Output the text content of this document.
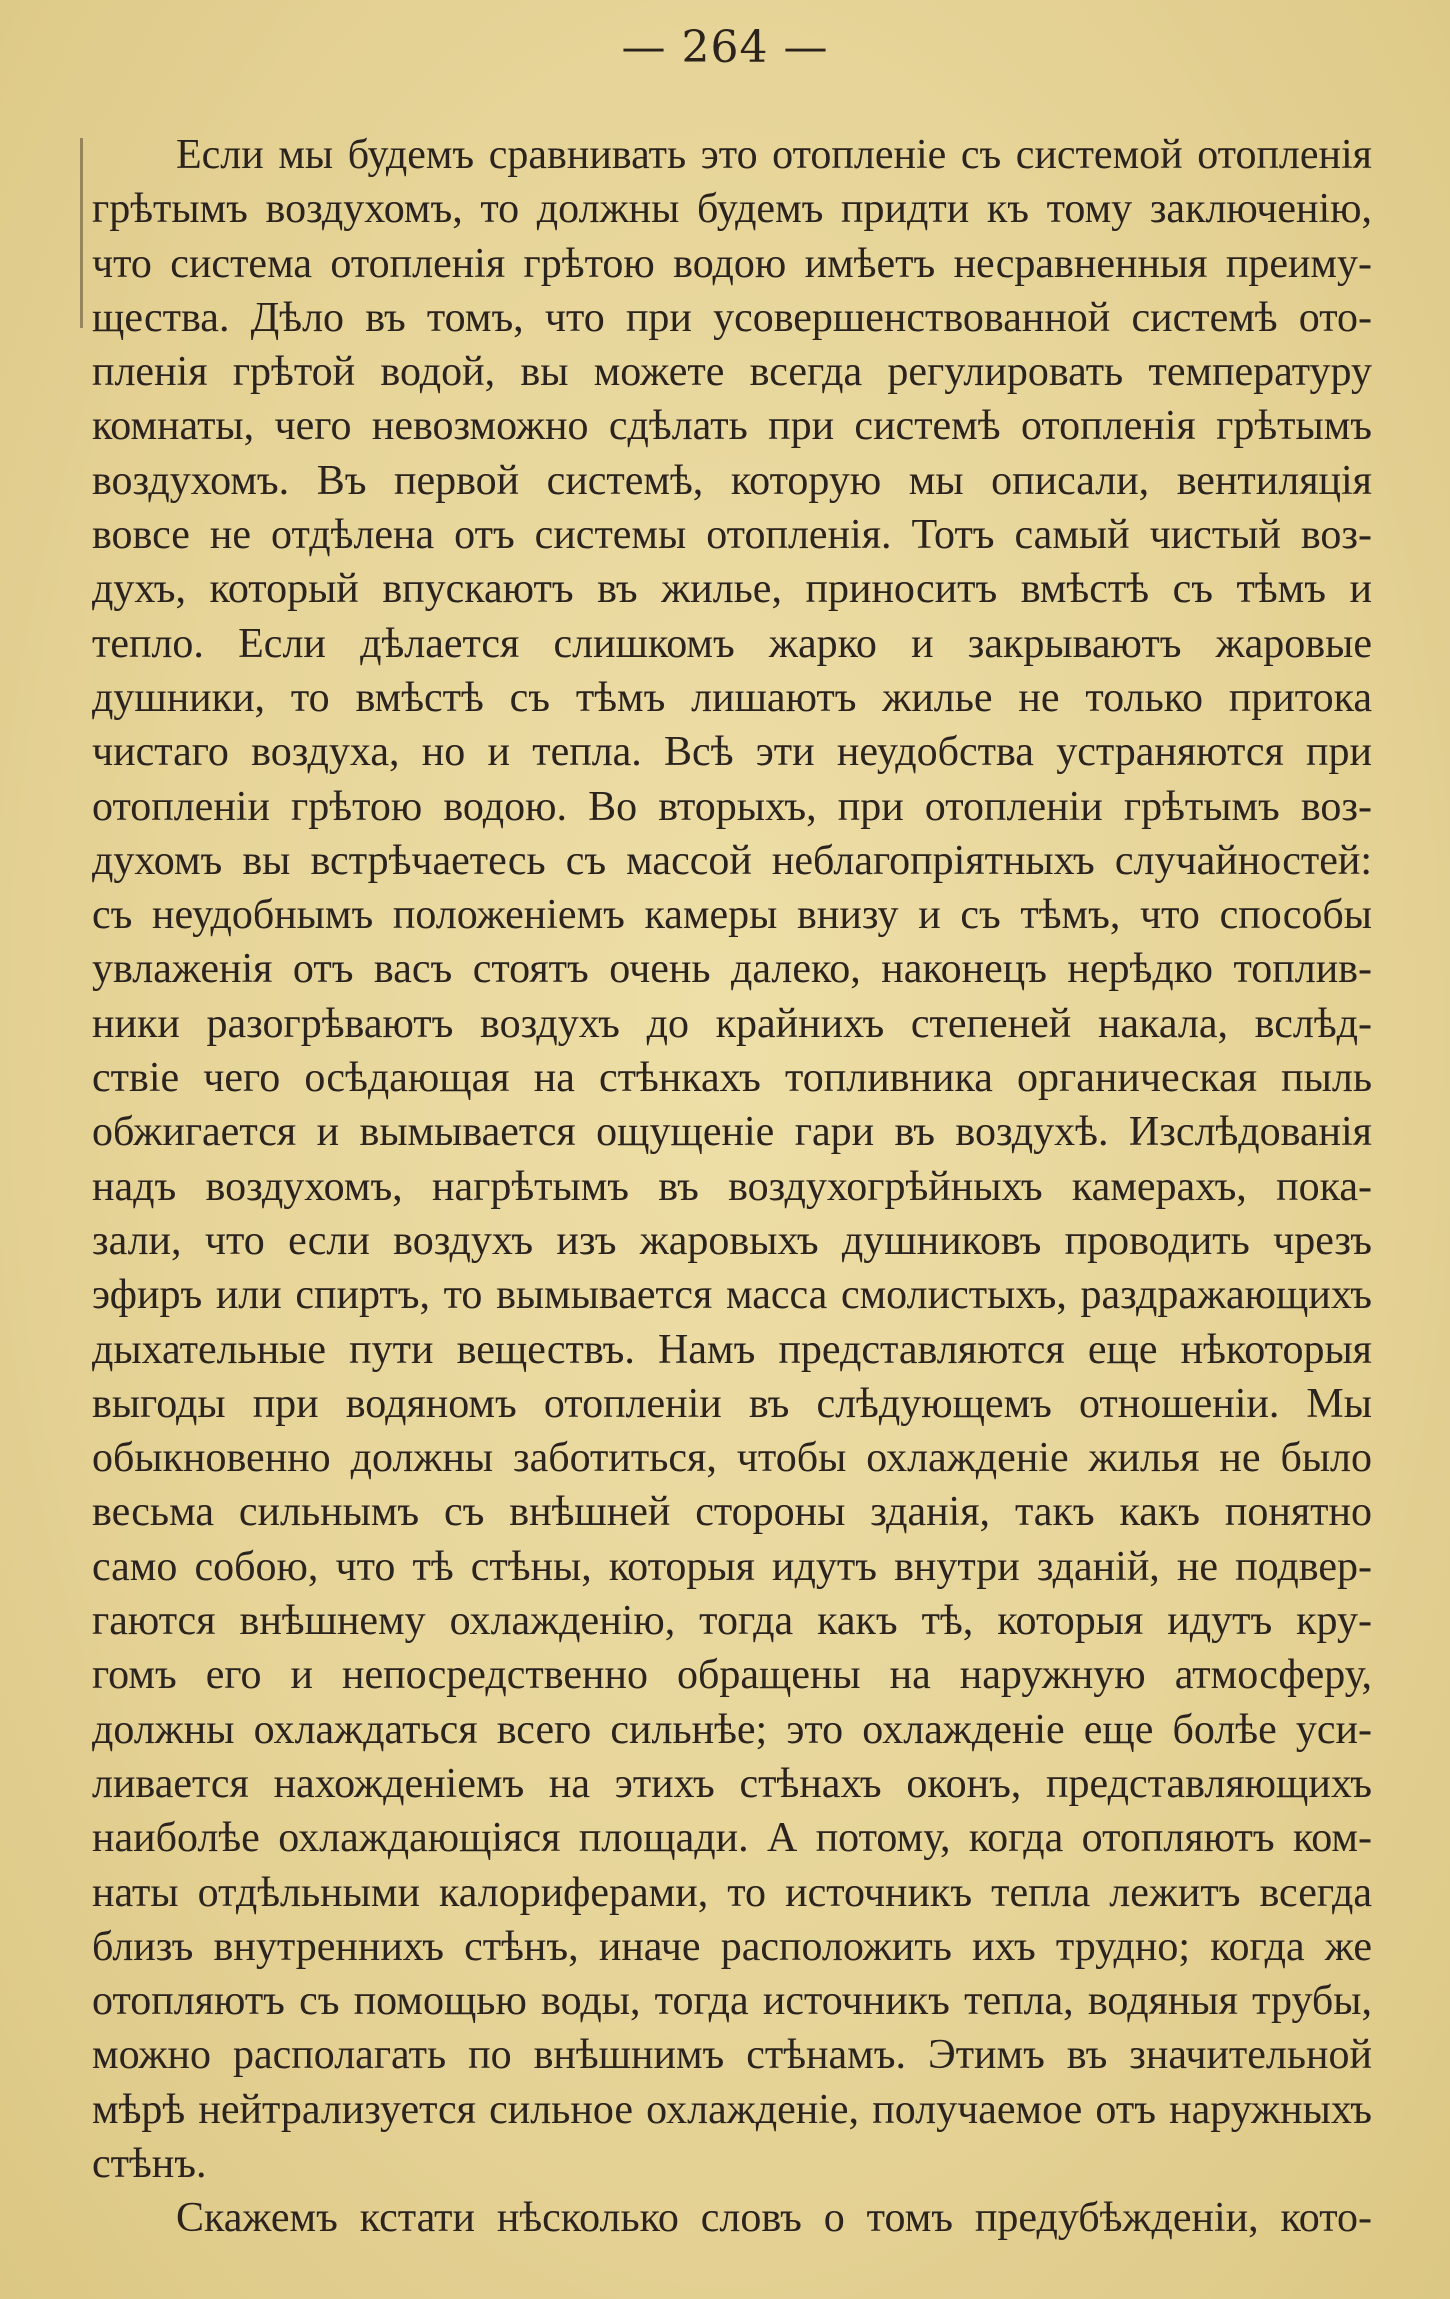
— 264 —
Если мы будемъ сравнивать это отопленіе съ системой отопленія
грѣтымъ воздухомъ, то должны будемъ придти къ тому заключенію,
что система отопленія грѣтою водою имѣетъ несравненныя преиму-
щества. Дѣло въ томъ, что при усовершенствованной системѣ ото-
пленія грѣтой водой, вы можете всегда регулировать температуру
комнаты, чего невозможно сдѣлать при системѣ отопленія грѣтымъ
воздухомъ. Въ первой системѣ, которую мы описали, вентиляція
вовсе не отдѣлена отъ системы отопленія. Тотъ самый чистый воз-
духъ, который впускаютъ въ жилье, приноситъ вмѣстѣ съ тѣмъ и
тепло. Если дѣлается слишкомъ жарко и закрываютъ жаровые
душники, то вмѣстѣ съ тѣмъ лишаютъ жилье не только притока
чистаго воздуха, но и тепла. Всѣ эти неудобства устраняются при
отопленіи грѣтою водою. Во вторыхъ, при отопленіи грѣтымъ воз-
духомъ вы встрѣчаетесь съ массой неблагопріятныхъ случайностей:
съ неудобнымъ положеніемъ камеры внизу и съ тѣмъ, что способы
увлаженія отъ васъ стоятъ очень далеко, наконецъ нерѣдко топлив-
ники разогрѣваютъ воздухъ до крайнихъ степеней накала, вслѣд-
ствіе чего осѣдающая на стѣнкахъ топливника органическая пыль
обжигается и вымывается ощущеніе гари въ воздухѣ. Изслѣдованія
надъ воздухомъ, нагрѣтымъ въ воздухогрѣйныхъ камерахъ, пока-
зали, что если воздухъ изъ жаровыхъ душниковъ проводить чрезъ
эфиръ или спиртъ, то вымывается масса смолистыхъ, раздражающихъ
дыхательные пути веществъ. Намъ представляются еще нѣкоторыя
выгоды при водяномъ отопленіи въ слѣдующемъ отношеніи. Мы
обыкновенно должны заботиться, чтобы охлажденіе жилья не было
весьма сильнымъ съ внѣшней стороны зданія, такъ какъ понятно
само собою, что тѣ стѣны, которыя идутъ внутри зданій, не подвер-
гаются внѣшнему охлажденію, тогда какъ тѣ, которыя идутъ кру-
гомъ его и непосредственно обращены на наружную атмосферу,
должны охлаждаться всего сильнѣе; это охлажденіе еще болѣе уси-
ливается нахожденіемъ на этихъ стѣнахъ оконъ, представляющихъ
наиболѣе охлаждающіяся площади. А потому, когда отопляютъ ком-
наты отдѣльными калориферами, то источникъ тепла лежитъ всегда
близъ внутреннихъ стѣнъ, иначе расположить ихъ трудно; когда же
отопляютъ съ помощью воды, тогда источникъ тепла, водяныя трубы,
можно располагать по внѣшнимъ стѣнамъ. Этимъ въ значительной
мѣрѣ нейтрализуется сильное охлажденіе, получаемое отъ наружныхъ
стѣнъ.
Скажемъ кстати нѣсколько словъ о томъ предубѣжденіи, кото-
